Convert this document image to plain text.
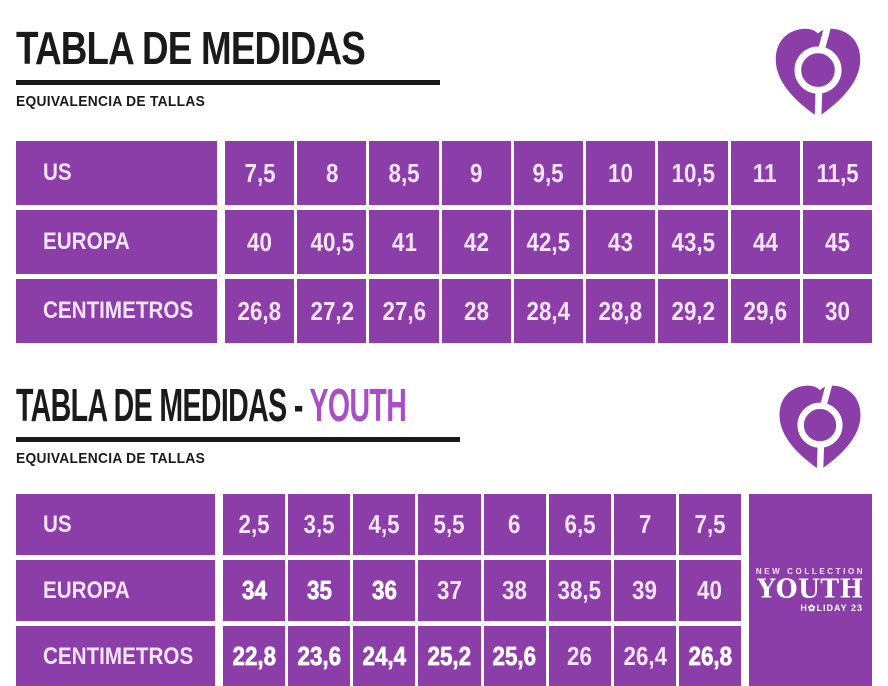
TABLA DE MEDIDAS
EQUIVALENCIA DE TALLAS
US	7,5 8 8,5 9 9,5 10 10,5 11 11,5
EUROPA	40 40,5 41 42 42,5 43 43,5 44 45
CENTIMETROS 26,8 27,2 27,6 28 28,4 28,8 29,2 29,6 30
TABLA DE MEDIDAS - YOUTH
EQUIVALENCIA DE TALLAS
NEW COLLECTION
YOUTH
H✿LIDAY 23
US	2,5 3,5 4,5 5,5 6 6,5 7 7,5
EUROPA	34 35 36 37 38 38,5 39 40
CENTIMETROS 22,8 23,6 24,4 25,2 25,6 26 26,4 26,8
